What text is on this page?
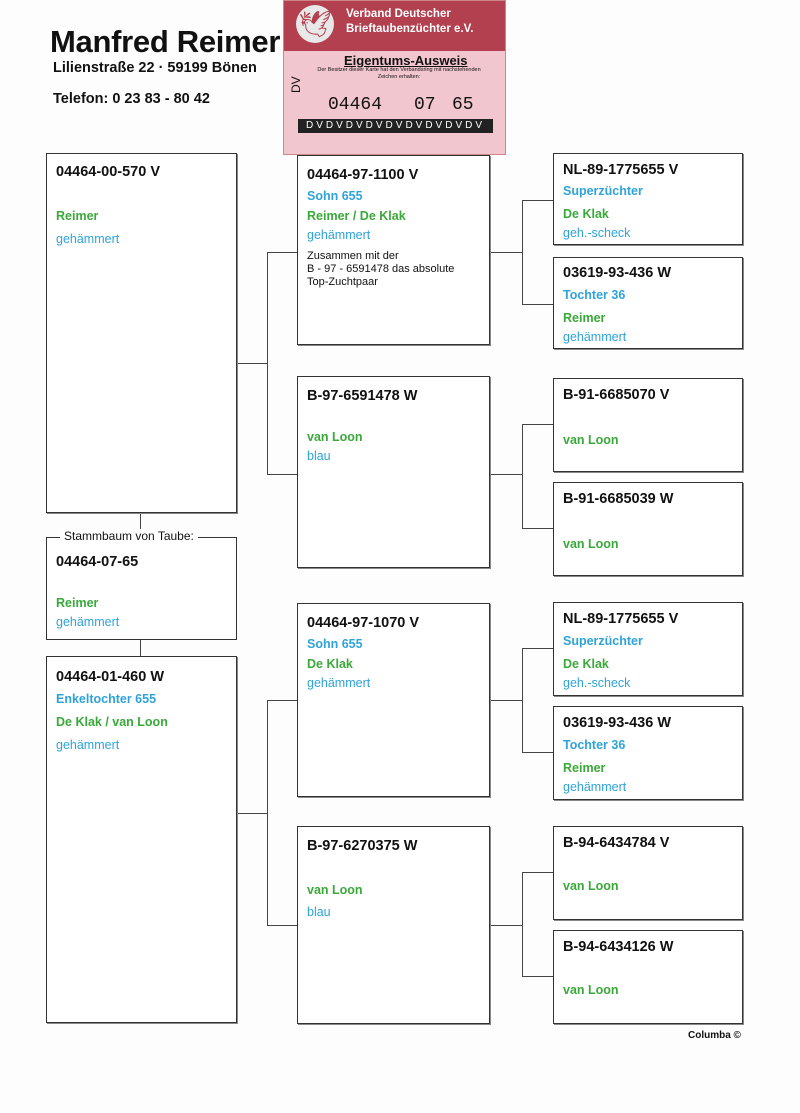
Manfred Reimer
Lilienstraße 22 · 59199 Bönen
Telefon: 0 23 83 - 80 42
🕊 Verband Deutscher
Brieftaubenzüchter e.V.
Eigentums-Ausweis
Der Besitzer dieser Karte hat den Verbandsring mit nachstehenden Zeichen erhalten:
DV
04464 07 65
DVDVDVDVDVDVDVDVDV
04464-07-65
Reimer
gehämmert
Stammbaum von Taube:
04464-00-570 V
Reimer
gehämmert
04464-01-460 W
Enkeltochter 655
De Klak / van Loon
gehämmert
04464-97-1100 V
Sohn 655
Reimer / De Klak
gehämmert
Zusammen mit der
B - 97 - 6591478 das absolute
Top-Zuchtpaar
B-97-6591478 W
van Loon
blau
04464-97-1070 V
Sohn 655
De Klak
gehämmert
B-97-6270375 W
van Loon
blau
NL-89-1775655 V
Superzüchter
De Klak
geh.-scheck
03619-93-436 W
Tochter 36
Reimer
gehämmert
B-91-6685070 V
van Loon
B-91-6685039 W
van Loon
NL-89-1775655 V
Superzüchter
De Klak
geh.-scheck
03619-93-436 W
Tochter 36
Reimer
gehämmert
B-94-6434784 V
van Loon
B-94-6434126 W
van Loon
Columba ©
